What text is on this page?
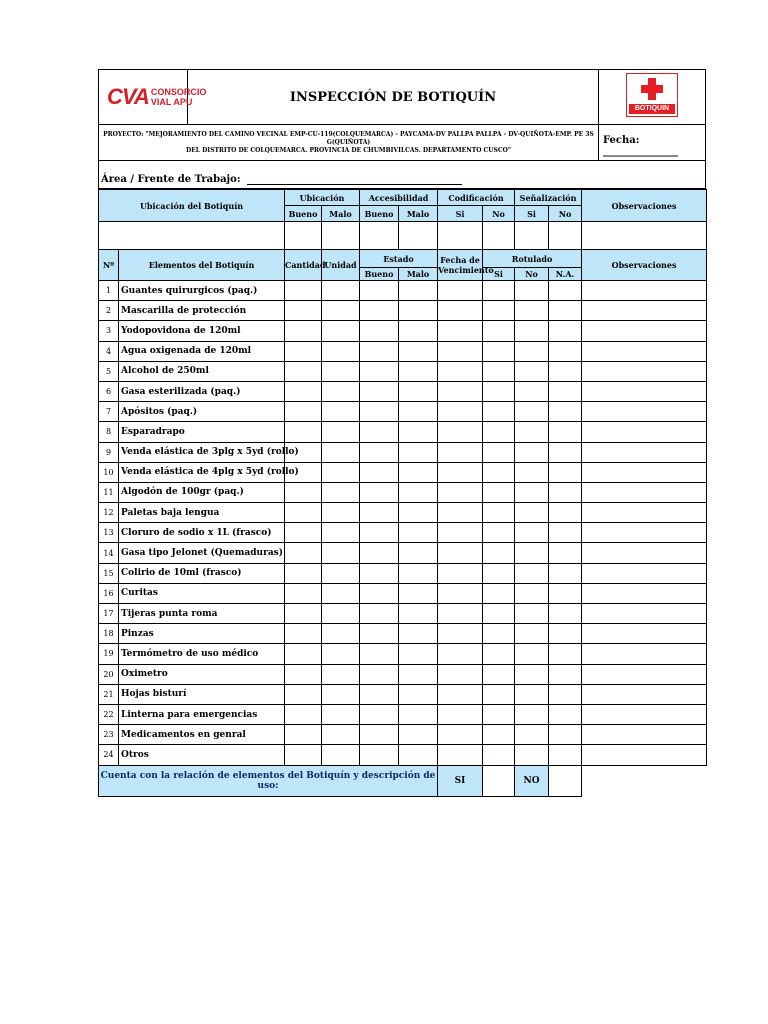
CVA CONSORCIO
VIAL APU	INSPECCIÓN DE BOTIQUÍN	
BOTIQUIN
PROYECTO: "MEJORAMIENTO DEL CAMINO VECINAL EMP-CU-119(COLQUEMARCA) - PAYCAMA-DV PALLPA PALLPA - DV-QUIÑOTA-EMP. PE 3S G(QUIÑOTA)
DEL DISTRITO DE COLQUEMARCA. PROVINCIA DE CHUMBIVILCAS. DEPARTAMENTO CUSCO"	Fecha: _______________
Área / Frente de Trabajo:
Ubicación del Botiquín		Ubicación		Accesibilidad		Codificación		Señalización		Observaciones
		Bueno	Malo	Bueno	Malo	Si	No	Si	No	

Nº	Elementos del Botiquín	Cantidad	Unidad	Estado		Fecha de Vencimiento	Rotulado			Observaciones
				Bueno	Malo		Si	No	N.A.	
1	Guantes quirurgicos (paq.)									
2	Mascarilla de protección									
3	Yodopovidona de 120ml									
4	Agua oxigenada de 120ml									
5	Alcohol de 250ml									
6	Gasa esterilizada (paq.)									
7	Apósitos (paq.)									
8	Esparadrapo									
9	Venda elástica de 3plg x 5yd (rollo)									
10	Venda elástica de 4plg x 5yd (rollo)									
11	Algodón de 100gr (paq.)									
12	Paletas baja lengua									
13	Cloruro de sodio x 1L (frasco)									
14	Gasa tipo Jelonet (Quemaduras)									
15	Colirio de 10ml (frasco)									
16	Curitas									
17	Tijeras punta roma									
18	Pinzas									
19	Termómetro de uso médico									
20	Oximetro									
21	Hojas bisturí									
22	Linterna para emergencias									
23	Medicamentos en genral									
24	Otros									
Cuenta con la relación de elementos del Botiquín y descripción de uso:						SI		NO		
